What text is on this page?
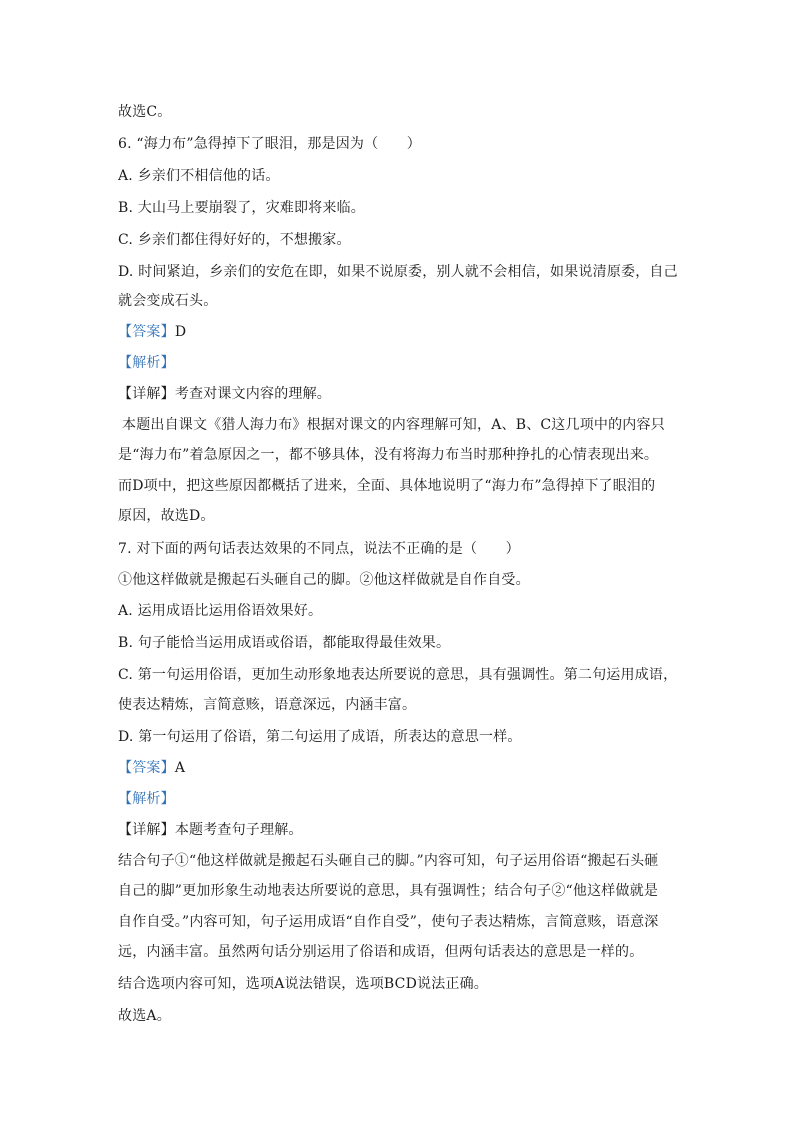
故选C。
6. “海力布”急得掉下了眼泪，那是因为（　　）
A. 乡亲们不相信他的话。
B. 大山马上要崩裂了，灾难即将来临。
C. 乡亲们都住得好好的，不想搬家。
D. 时间紧迫，乡亲们的安危在即，如果不说原委，别人就不会相信，如果说清原委，自己
就会变成石头。
【答案】D
【解析】
【详解】考查对课文内容的理解。
本题出自课文《猎人海力布》根据对课文的内容理解可知，A、B、C这几项中的内容只
是“海力布”着急原因之一，都不够具体，没有将海力布当时那种挣扎的心情表现出来。
而D项中，把这些原因都概括了进来，全面、具体地说明了“海力布”急得掉下了眼泪的
原因，故选D。
7. 对下面的两句话表达效果的不同点，说法不正确的是（　　）
①他这样做就是搬起石头砸自己的脚。②他这样做就是自作自受。
A. 运用成语比运用俗语效果好。
B. 句子能恰当运用成语或俗语，都能取得最佳效果。
C. 第一句运用俗语，更加生动形象地表达所要说的意思，具有强调性。第二句运用成语，
使表达精炼，言简意赅，语意深远，内涵丰富。
D. 第一句运用了俗语，第二句运用了成语，所表达的意思一样。
【答案】A
【解析】
【详解】本题考查句子理解。
结合句子①“他这样做就是搬起石头砸自己的脚。”内容可知，句子运用俗语“搬起石头砸
自己的脚”更加形象生动地表达所要说的意思，具有强调性；结合句子②“他这样做就是
自作自受。”内容可知，句子运用成语“自作自受”，使句子表达精炼，言简意赅，语意深
远，内涵丰富。虽然两句话分别运用了俗语和成语，但两句话表达的意思是一样的。
结合选项内容可知，选项A说法错误，选项BCD说法正确。
故选A。
